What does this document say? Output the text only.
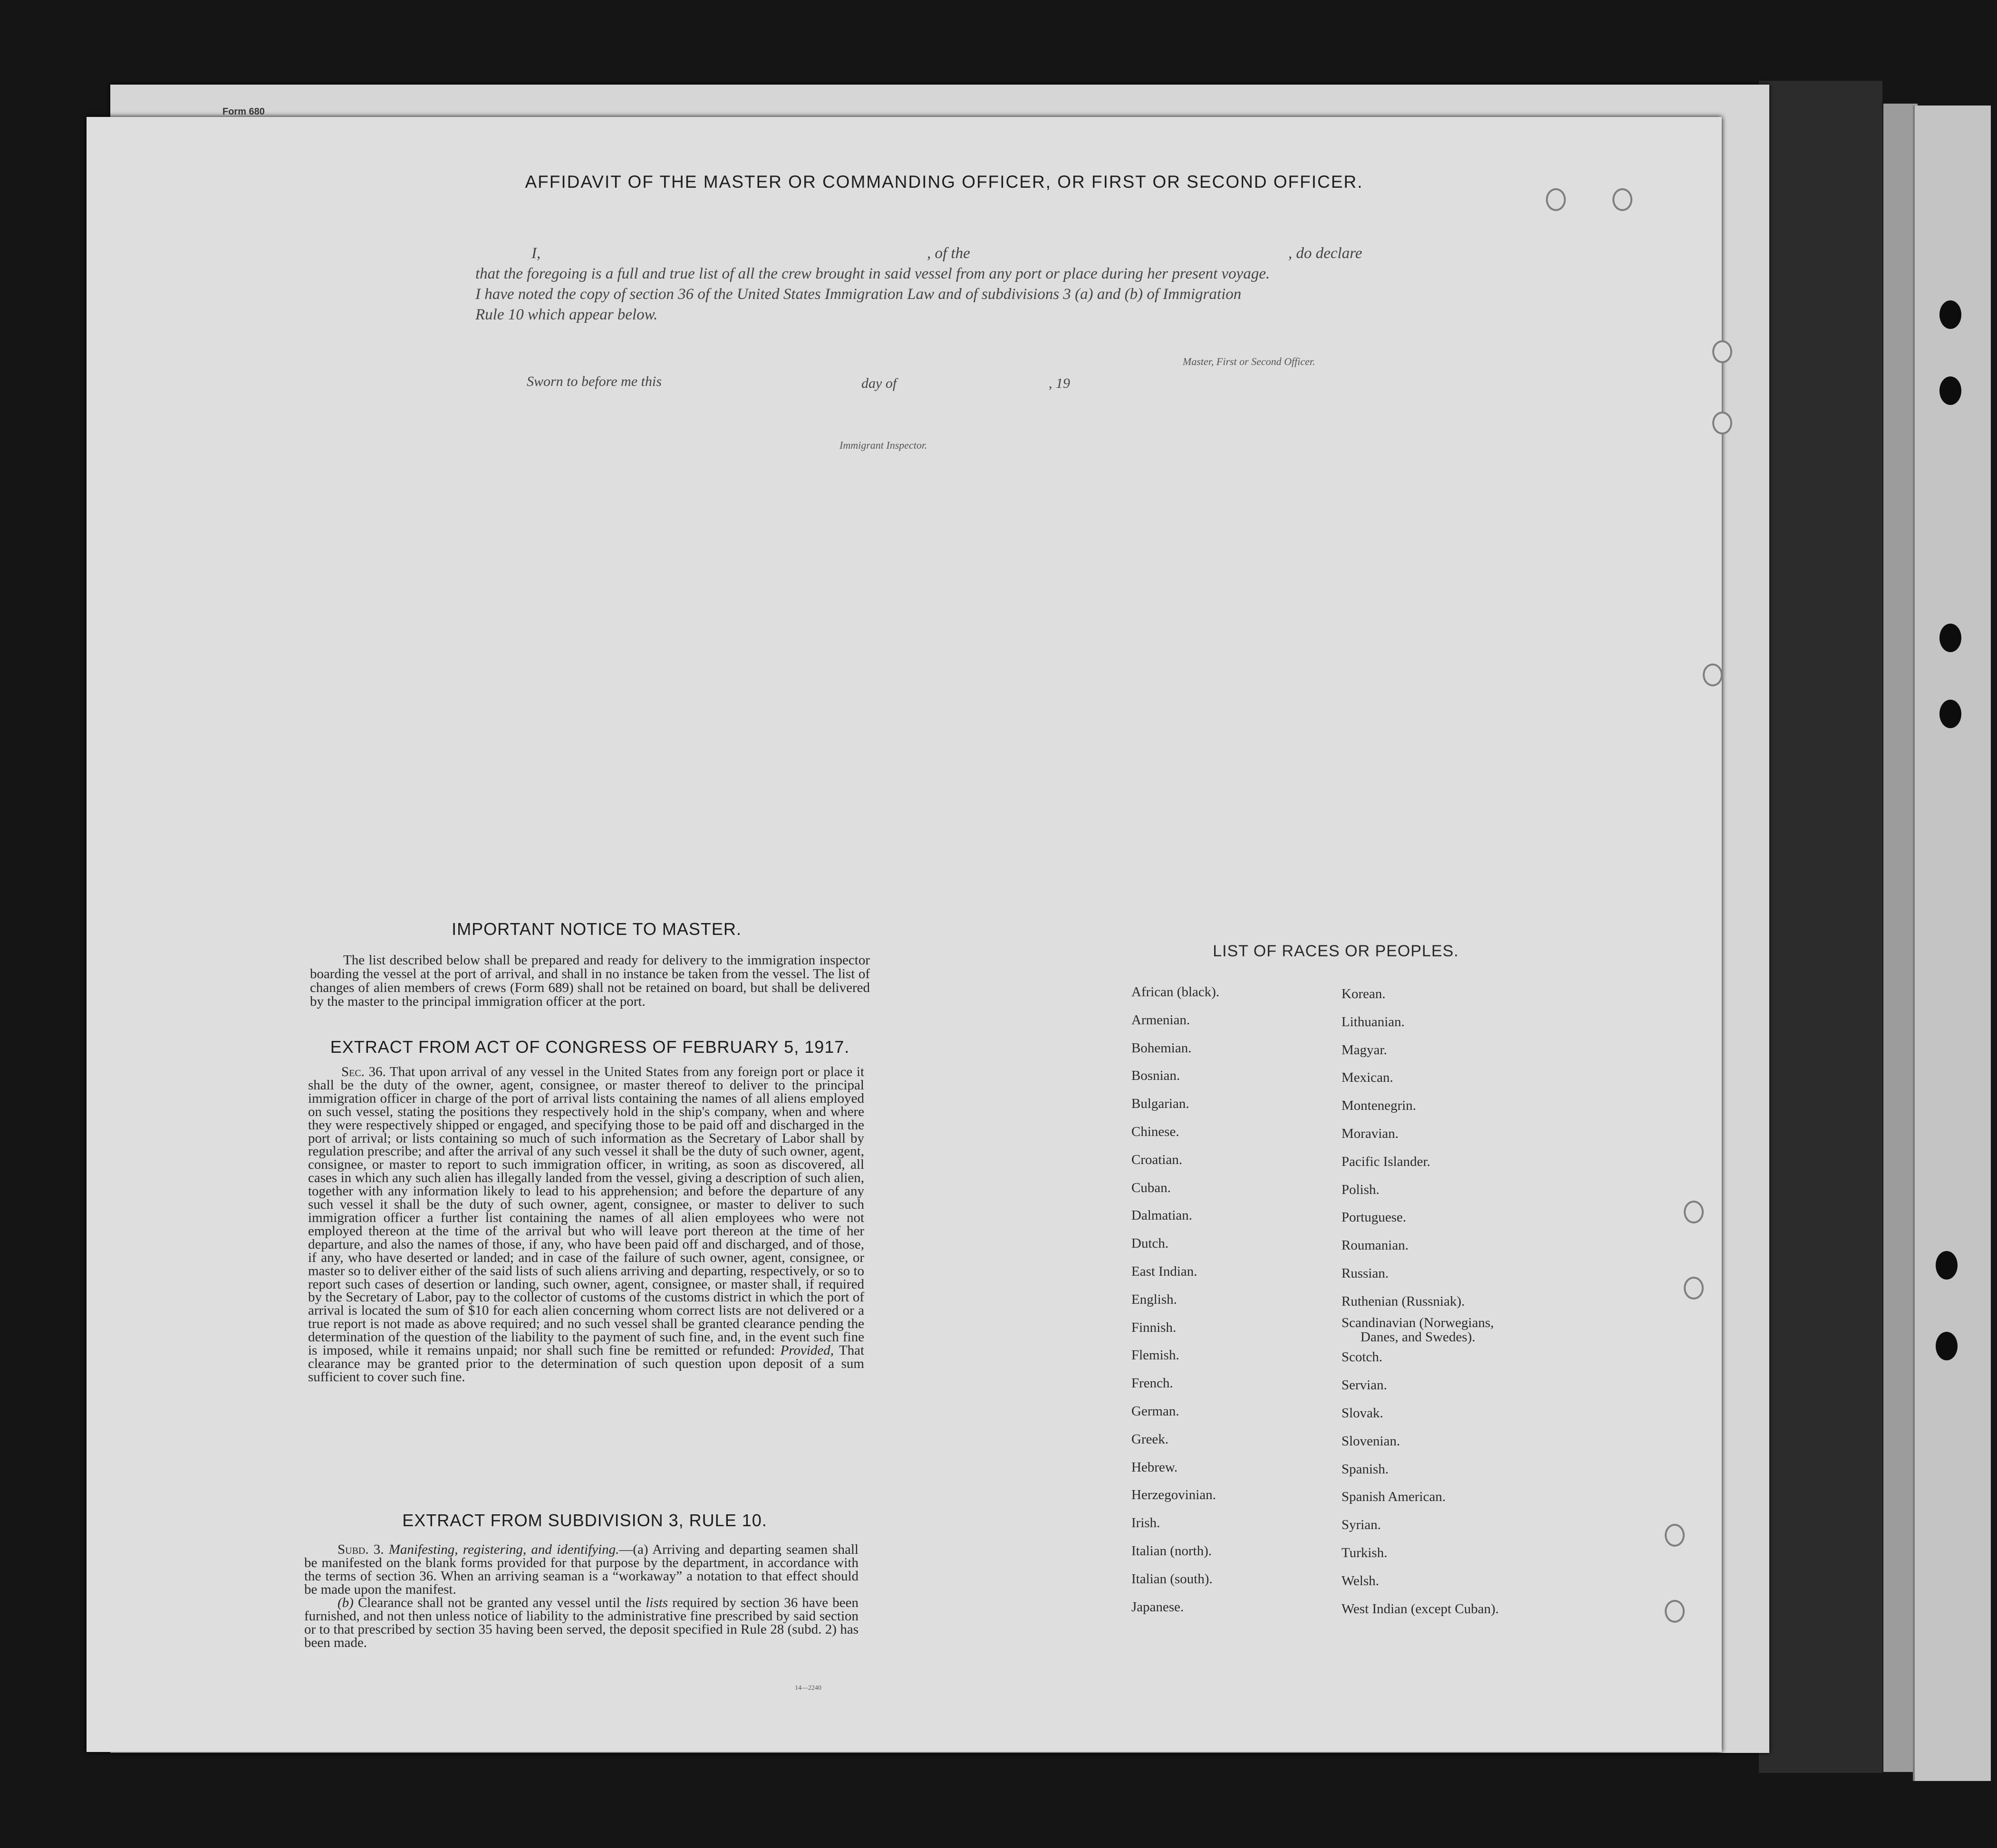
Form 680
AFFIDAVIT OF THE MASTER OR COMMANDING OFFICER, OR FIRST OR SECOND OFFICER.
I,	, of the	, do declare
that the foregoing is a full and true list of all the crew brought in said vessel from any port or place during her present voyage.
I have noted the copy of section 36 of the United States Immigration Law and of subdivisions 3 (a) and (b) of Immigration
Rule 10 which appear below.
Master, First or Second Officer.
Sworn to before me this	day of	, 19
Immigrant Inspector.
IMPORTANT NOTICE TO MASTER.

The list described below shall be prepared and ready for delivery to the immigration inspector boarding the vessel at the port of arrival, and shall in no instance be taken from the vessel. The list of changes of alien members of crews (Form 689) shall not be retained on board, but shall be delivered by the master to the principal immigration officer at the port.

EXTRACT FROM ACT OF CONGRESS OF FEBRUARY 5, 1917.

Sec. 36. That upon arrival of any vessel in the United States from any foreign port or place it shall be the duty of the owner, agent, consignee, or master thereof to deliver to the principal immigration officer in charge of the port of arrival lists containing the names of all aliens employed on such vessel, stating the positions they respectively hold in the ship's company, when and where they were respectively shipped or engaged, and specifying those to be paid off and discharged in the port of arrival; or lists containing so much of such information as the Secretary of Labor shall by regulation prescribe; and after the arrival of any such vessel it shall be the duty of such owner, agent, consignee, or master to report to such immigration officer, in writing, as soon as discovered, all cases in which any such alien has illegally landed from the vessel, giving a description of such alien, together with any information likely to lead to his apprehension; and before the departure of any such vessel it shall be the duty of such owner, agent, consignee, or master to deliver to such immigration officer a further list containing the names of all alien employees who were not employed thereon at the time of the arrival but who will leave port thereon at the time of her departure, and also the names of those, if any, who have been paid off and discharged, and of those, if any, who have deserted or landed; and in case of the failure of such owner, agent, consignee, or master so to deliver either of the said lists of such aliens arriving and departing, respectively, or so to report such cases of desertion or landing, such owner, agent, consignee, or master shall, if required by the Secretary of Labor, pay to the collector of customs of the customs district in which the port of arrival is located the sum of $10 for each alien concerning whom correct lists are not delivered or a true report is not made as above required; and no such vessel shall be granted clearance pending the determination of the question of the liability to the payment of such fine, and, in the event such fine is imposed, while it remains unpaid; nor shall such fine be remitted or refunded: Provided, That clearance may be granted prior to the determination of such question upon deposit of a sum sufficient to cover such fine.

EXTRACT FROM SUBDIVISION 3, RULE 10.

Subd. 3. Manifesting, registering, and identifying.—(a) Arriving and departing seamen shall be manifested on the blank forms provided for that purpose by the department, in accordance with the terms of section 36. When an arriving seaman is a “workaway” a notation to that effect should be made upon the manifest.

(b) Clearance shall not be granted any vessel until the lists required by section 36 have been furnished, and not then unless notice of liability to the administrative fine prescribed by said section or to that prescribed by section 35 having been served, the deposit specified in Rule 28 (subd. 2) has been made.

14—2240
LIST OF RACES OR PEOPLES.
African (black).
Armenian.
Bohemian.
Bosnian.
Bulgarian.
Chinese.
Croatian.
Cuban.
Dalmatian.
Dutch.
East Indian.
English.
Finnish.
Flemish.
French.
German.
Greek.
Hebrew.
Herzegovinian.
Irish.
Italian (north).
Italian (south).
Japanese.
Korean.
Lithuanian.
Magyar.
Mexican.
Montenegrin.
Moravian.
Pacific Islander.
Polish.
Portuguese.
Roumanian.
Russian.
Ruthenian (Russniak).
Scandinavian (Norwegians,
Danes, and Swedes).
Scotch.
Servian.
Slovak.
Slovenian.
Spanish.
Spanish American.
Syrian.
Turkish.
Welsh.
West Indian (except Cuban).
